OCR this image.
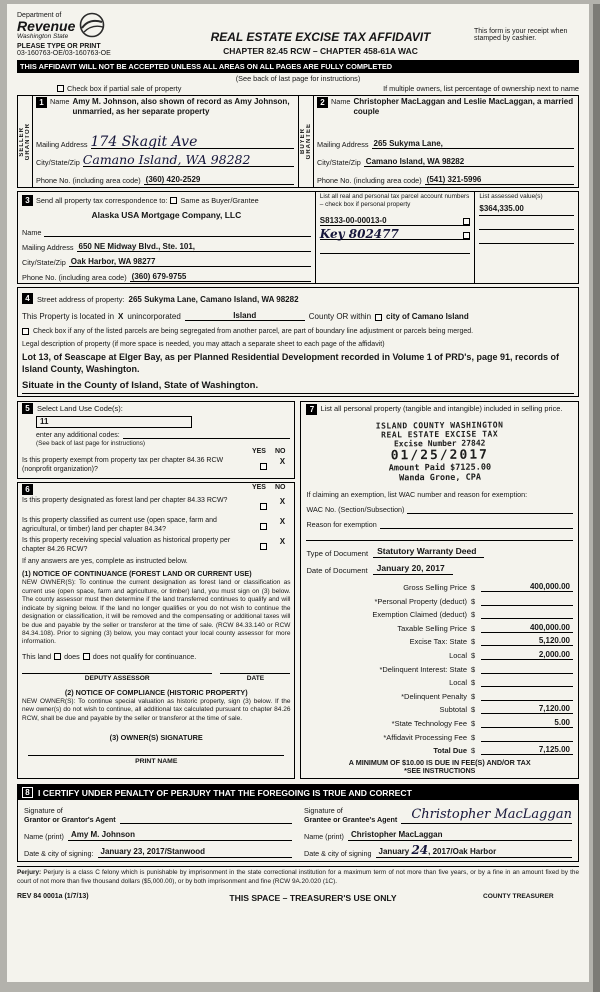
Department of
Revenue
Washington State
PLEASE TYPE OR PRINT
03-160763-OE/03-160763-OE
REAL ESTATE EXCISE TAX AFFIDAVIT
CHAPTER 82.45 RCW – CHAPTER 458-61A WAC
This form is your receipt when stamped by cashier.
THIS AFFIDAVIT WILL NOT BE ACCEPTED UNLESS ALL AREAS ON ALL PAGES ARE FULLY COMPLETED
(See back of last page for instructions)
Check box if partial sale of property	If multiple owners, list percentage of ownership next to name
SELLER GRANTOR
1 Name Amy M. Johnson, also shown of record as Amy Johnson, unmarried, as her separate property
Mailing Address 174 Skagit Ave
City/State/Zip Camano Island, WA 98282
Phone No. (including area code) (360) 420-2529
BUYER GRANTEE
2 Name Christopher MacLaggan and Leslie MacLaggan, a married couple
Mailing Address 265 Sukyma Lane,
City/State/Zip Camano Island, WA 98282
Phone No. (including area code) (541) 321-5996
3 Send all property tax correspondence to: Same as Buyer/Grantee
Alaska USA Mortgage Company, LLC
Name
Mailing Address 650 NE Midway Blvd., Ste. 101,
City/State/Zip Oak Harbor, WA 98277
Phone No. (including area code) (360) 679-9755
List all real and personal tax parcel account numbers – check box if personal property
S8133-00-00013-0
Key 802477
List assessed value(s)
$364,335.00
4 Street address of property: 265 Sukyma Lane, Camano Island, WA 98282
This Property is located in X unincorporated	Island	County OR within city of Camano Island
Check box if any of the listed parcels are being segregated from another parcel, are part of boundary line adjustment or parcels being merged.
Legal description of property (if more space is needed, you may attach a separate sheet to each page of the affidavit)
Lot 13, of Seascape at Elger Bay, as per Planned Residential Development recorded in Volume 1 of PRD's, page 91, records of Island County, Washington.
Situate in the County of Island, State of Washington.
5 Select Land Use Code(s):
11
enter any additional codes:
(See back of last page for instructions)
YES NO
Is this property exempt from property tax per chapter 84.36 RCW (nonprofit organization)?
X
6	YES NO
Is this property designated as forest land per chapter 84.33 RCW?	X
Is this property classified as current use (open space, farm and agricultural, or timber) land per chapter 84.34?
X
Is this property receiving special valuation as historical property per chapter 84.26 RCW?
X
If any answers are yes, complete as instructed below.
(1) NOTICE OF CONTINUANCE (FOREST LAND OR CURRENT USE)
NEW OWNER(S): To continue the current designation as forest land or classification as current use (open space, farm and agriculture, or timber) land, you must sign on (3) below. The county assessor must then determine if the land transferred continues to qualify and will indicate by signing below. If the land no longer qualifies or you do not wish to continue the designation or classification, it will be removed and the compensating or additional taxes will be due and payable by the seller or transferor at the time of sale. (RCW 84.33.140 or RCW 84.34.108). Prior to signing (3) below, you may contact your local county assessor for more information.
This land does does not qualify for continuance.
DEPUTY ASSESSOR	DATE
(2) NOTICE OF COMPLIANCE (HISTORIC PROPERTY)
NEW OWNER(S): To continue special valuation as historic property, sign (3) below. If the new owner(s) do not wish to continue, all additional tax calculated pursuant to chapter 84.26 RCW, shall be due and payable by the seller or transferor at the time of sale.
(3) OWNER(S) SIGNATURE
PRINT NAME
7 List all personal property (tangible and intangible) included in selling price.
ISLAND COUNTY WASHINGTON
REAL ESTATE EXCISE TAX
Excise Number 27842
01/25/2017
Amount Paid $7125.00
Wanda Grone, CPA
If claiming an exemption, list WAC number and reason for exemption:
WAC No. (Section/Subsection)
Reason for exemption
Type of Document	Statutory Warranty Deed
Date of Document	January 20, 2017
Gross Selling Price $	400,000.00
*Personal Property (deduct) $
Exemption Claimed (deduct) $
Taxable Selling Price $	400,000.00
Excise Tax: State $	5,120.00
Local $	2,000.00
*Delinquent Interest: State $
Local $
*Delinquent Penalty $
Subtotal $	7,120.00
*State Technology Fee $	5.00
*Affidavit Processing Fee $
Total Due $	7,125.00
A MINIMUM OF $10.00 IS DUE IN FEE(S) AND/OR TAX
*SEE INSTRUCTIONS
8 I CERTIFY UNDER PENALTY OF PERJURY THAT THE FOREGOING IS TRUE AND CORRECT
Signature of
Grantor or Grantor's Agent
Name (print) Amy M. Johnson
Date & city of signing: January 23, 2017/Stanwood
Signature of
Grantee or Grantee's Agent	Christopher MacLaggan
Name (print) Christopher MacLaggan
Date & city of signing January 24, 2017/Oak Harbor
Perjury: Perjury is a class C felony which is punishable by imprisonment in the state correctional institution for a maximum term of not more than five years, or by a fine in an amount fixed by the court of not more than five thousand dollars ($5,000.00), or by both imprisonment and fine (RCW 9A.20.020 (1C).
REV 84 0001a (1/7/13)	THIS SPACE – TREASURER'S USE ONLY	COUNTY TREASURER
